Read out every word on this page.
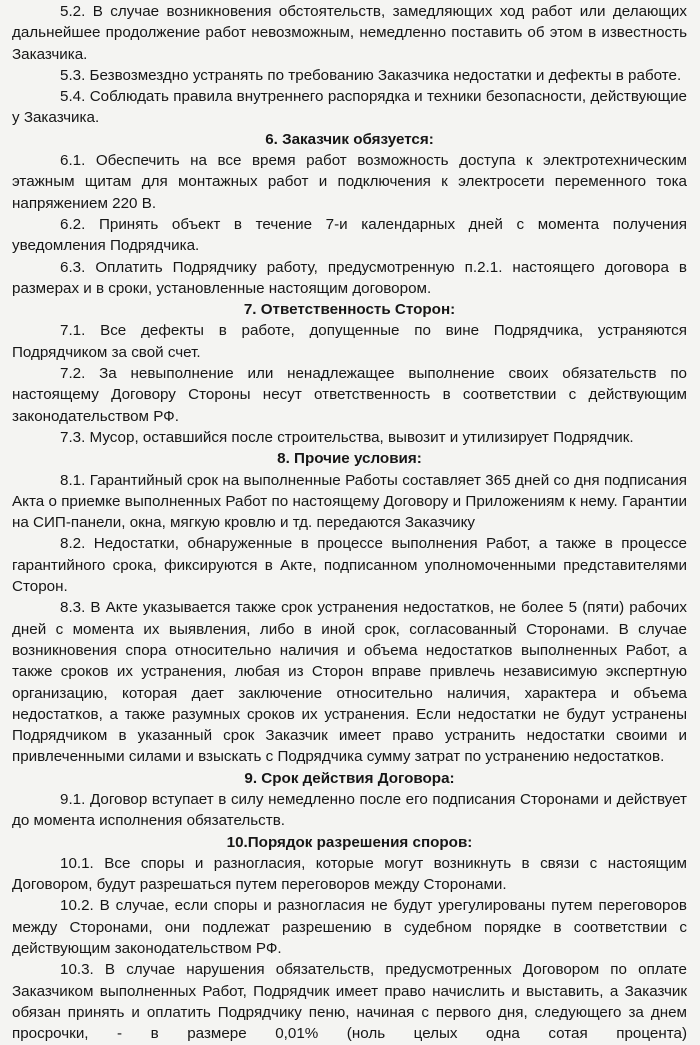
5.2. В случае возникновения обстоятельств, замедляющих ход работ или делающих дальнейшее продолжение работ невозможным, немедленно поставить об этом в известность Заказчика.

5.3. Безвозмездно устранять по требованию Заказчика недостатки и дефекты в работе.

5.4. Соблюдать правила внутреннего распорядка и техники безопасности, действующие у Заказчика.

6. Заказчик обязуется:

6.1. Обеспечить на все время работ возможность доступа к электротехническим этажным щитам для монтажных работ и подключения к электросети переменного тока напряжением 220 В.

6.2. Принять объект в течение 7-и календарных дней с момента получения уведомления Подрядчика.

6.3. Оплатить Подрядчику работу, предусмотренную п.2.1. настоящего договора в размерах и в сроки, установленные настоящим договором.

7. Ответственность Сторон:

7.1. Все дефекты в работе, допущенные по вине Подрядчика, устраняются Подрядчиком за свой счет.

7.2. За невыполнение или ненадлежащее выполнение своих обязательств по настоящему Договору Стороны несут ответственность в соответствии с действующим законодательством РФ.

7.3. Мусор, оставшийся после строительства, вывозит и утилизирует Подрядчик.

8. Прочие условия:

8.1. Гарантийный срок на выполненные Работы составляет 365 дней со дня подписания Акта о приемке выполненных Работ по настоящему Договору и Приложениям к нему. Гарантии на СИП-панели, окна, мягкую кровлю и тд. передаются Заказчику

8.2. Недостатки, обнаруженные в процессе выполнения Работ, а также в процессе гарантийного срока, фиксируются в Акте, подписанном уполномоченными представителями Сторон.

8.3. В Акте указывается также срок устранения недостатков, не более 5 (пяти) рабочих дней с момента их выявления, либо в иной срок, согласованный Сторонами. В случае возникновения спора относительно наличия и объема недостатков выполненных Работ, а также сроков их устранения, любая из Сторон вправе привлечь независимую экспертную организацию, которая дает заключение относительно наличия, характера и объема недостатков, а также разумных сроков их устранения. Если недостатки не будут устранены Подрядчиком в указанный срок Заказчик имеет право устранить недостатки своими и привлеченными силами и взыскать с Подрядчика сумму затрат по устранению недостатков.

9. Срок действия Договора:

9.1. Договор вступает в силу немедленно после его подписания Сторонами и действует до момента исполнения обязательств.

10.Порядок разрешения споров:

10.1. Все споры и разногласия, которые могут возникнуть в связи с настоящим Договором, будут разрешаться путем переговоров между Сторонами.

10.2. В случае, если споры и разногласия не будут урегулированы путем переговоров между Сторонами, они подлежат разрешению в судебном порядке в соответствии с действующим законодательством РФ.

10.3. В случае нарушения обязательств, предусмотренных Договором по оплате Заказчиком выполненных Работ, Подрядчик имеет право начислить и выставить, а Заказчик обязан принять и оплатить Подрядчику пеню, начиная с первого дня, следующего за днем просрочки, - в размере 0,01% (ноль целых одна сотая процента)
